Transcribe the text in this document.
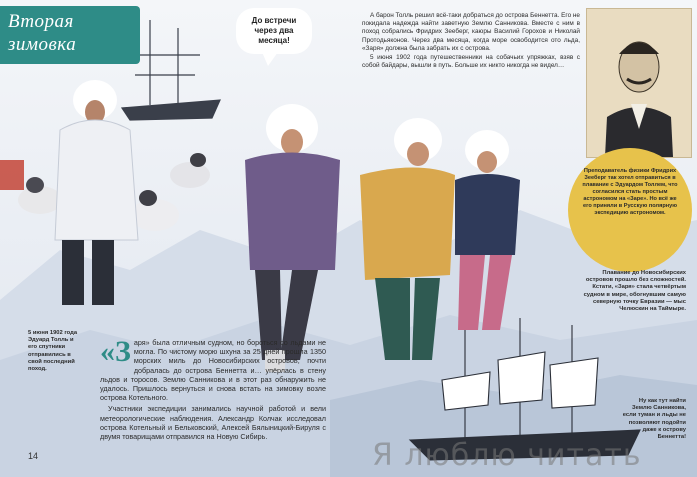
Вторая
зимовка
До встречи
через два
месяца!

А барон Толль решил всё-таки добраться до острова Беннетта. Его не покидала надежда найти заветную Землю Санникова. Вместе с ним в поход собрались Фридрих Зееберг, каюры Василий Горохов и Николай Протодьяконов. Через два месяца, когда море освободится ото льда, «Заря» должна была забрать их с острова.

5 июня 1902 года путешественники на собачьих упряжках, взяв с собой байдары, вышли в путь. Больше их никто никогда не видел…

Преподаватель физики Фридрих Зееберг так хотел отправиться в плавание с Эдуардом Толлем, что согласился стать простым астрономом на «Заре». Но всё же его приняли в Русскую полярную экспедицию астрономом.
5 июня 1902 года Эдуард Толль и его спутники отправились в свой последний поход.
Плавание до Новосибирских островов прошло без сложностей. Кстати, «Заря» стала четвёртым судном в мире, обогнувшим самую северную точку Евразии — мыс Челюскин на Таймыре.
Ну как тут найти Землю Санникова, если туман и льды не позволяют подойти даже к острову Беннетта!
«З аря» была отличным судном, но бороться со льдами не могла. По чистому морю шхуна за 25 дней прошла 1350 морских миль до Новосибирских островов, почти добралась до острова Беннетта и… упёрлась в стену льдов и торосов. Землю Санникова и в этот раз обнаружить не удалось. Пришлось вернуться и снова встать на зимовку возле острова Котельного.
Участники экспедиции занимались научной работой и вели метеорологические наблюдения. Александр Колчак исследовал острова Котельный и Бельковский, Алексей Бялыницкий-Бируля с двумя товарищами отправился на Новую Сибирь.
14	Я люблю читать
